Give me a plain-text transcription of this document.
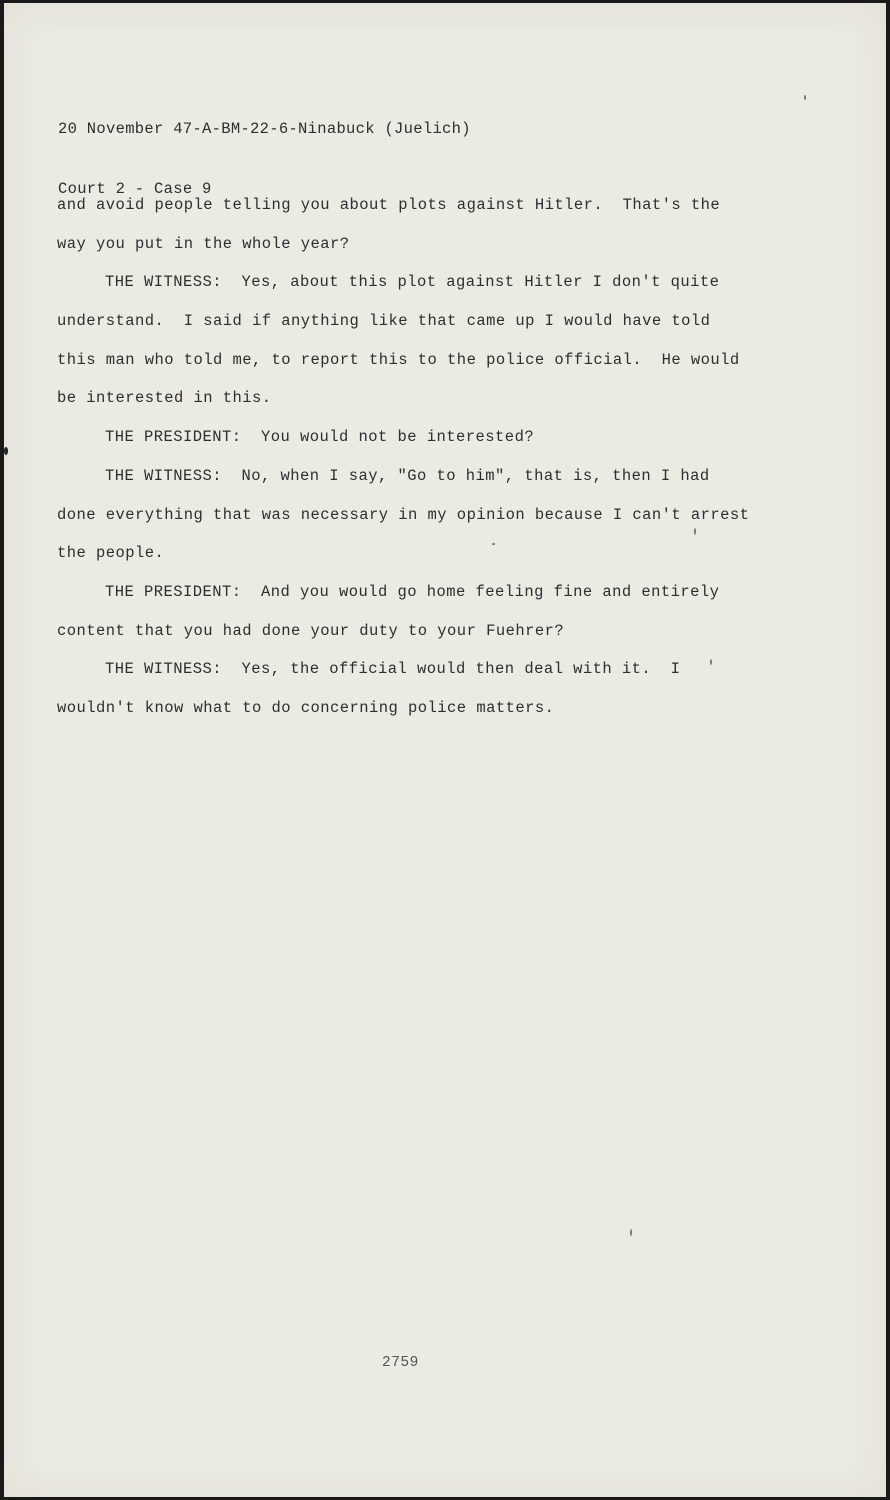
20 November 47-A-BM-22-6-Ninabuck (Juelich)

Court 2 - Case 9

and avoid people telling you about plots against Hitler.  That's the
way you put in the whole year?
THE WITNESS:  Yes, about this plot against Hitler I don't quite
understand.  I said if anything like that came up I would have told
this man who told me, to report this to the police official.  He would
be interested in this.
THE PRESIDENT:  You would not be interested?
THE WITNESS:  No, when I say, "Go to him", that is, then I had
done everything that was necessary in my opinion because I can't arrest
the people.
THE PRESIDENT:  And you would go home feeling fine and entirely
content that you had done your duty to your Fuehrer?
THE WITNESS:  Yes, the official would then deal with it.  I
wouldn't know what to do concerning police matters.
2759
